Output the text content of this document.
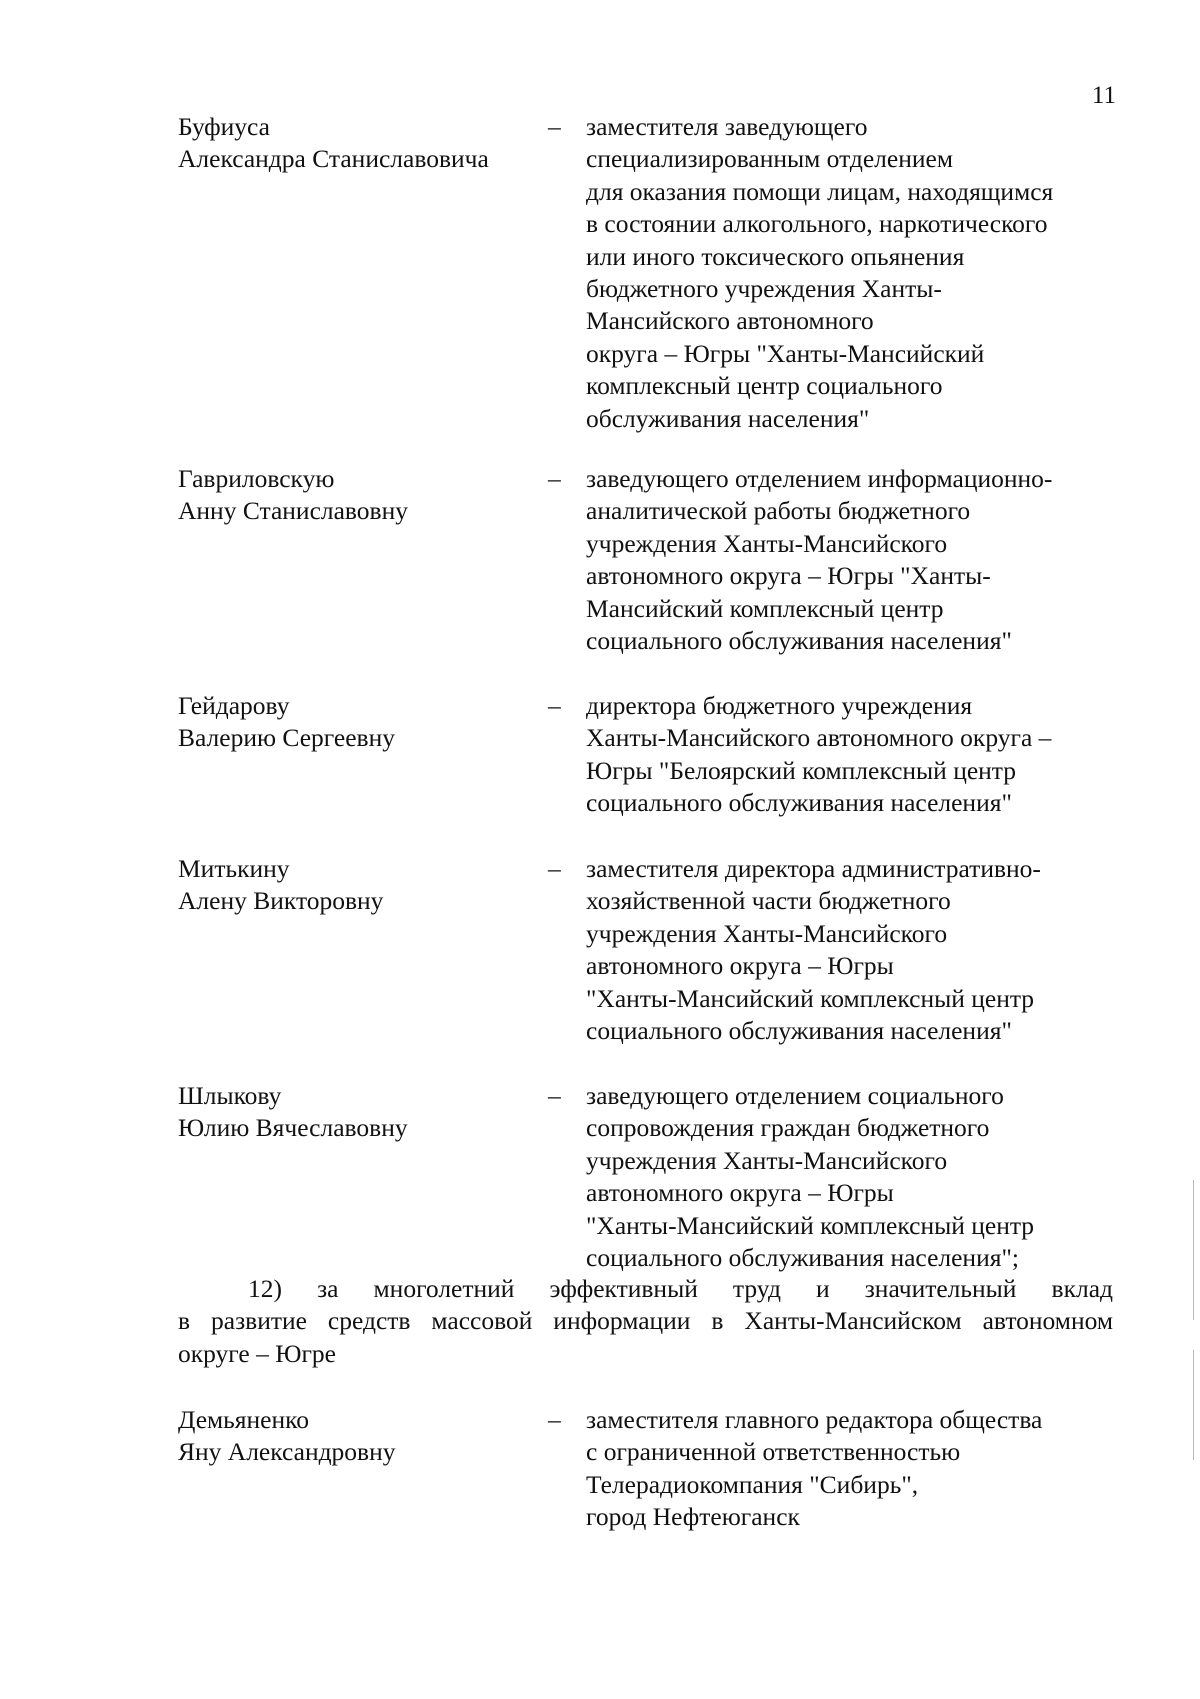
11
Буфиуса
Александра Станиславовича
– заместителя заведующего
специализированным отделением
для оказания помощи лицам, находящимся
в состоянии алкогольного, наркотического
или иного токсического опьянения
бюджетного учреждения Ханты-
Мансийского автономного
округа – Югры "Ханты-Мансийский
комплексный центр социального
обслуживания населения"
Гавриловскую
Анну Станиславовну
– заведующего отделением информационно-
аналитической работы бюджетного
учреждения Ханты-Мансийского
автономного округа – Югры "Ханты-
Мансийский комплексный центр
социального обслуживания населения"
Гейдарову
Валерию Сергеевну
– директора бюджетного учреждения
Ханты-Мансийского автономного округа –
Югры "Белоярский комплексный центр
социального обслуживания населения"
Митькину
Алену Викторовну
– заместителя директора административно-
хозяйственной части бюджетного
учреждения Ханты-Мансийского
автономного округа – Югры
"Ханты-Мансийский комплексный центр
социального обслуживания населения"
Шлыкову
Юлию Вячеславовну
– заведующего отделением социального
сопровождения граждан бюджетного
учреждения Ханты-Мансийского
автономного округа – Югры
"Ханты-Мансийский комплексный центр
социального обслуживания населения";
12) за многолетний эффективный труд и значительный вклад
в развитие средств массовой информации в Ханты-Мансийском автономном
округе – Югре
Демьяненко
Яну Александровну
– заместителя главного редактора общества
с ограниченной ответственностью
Телерадиокомпания "Сибирь",
город Нефтеюганск
